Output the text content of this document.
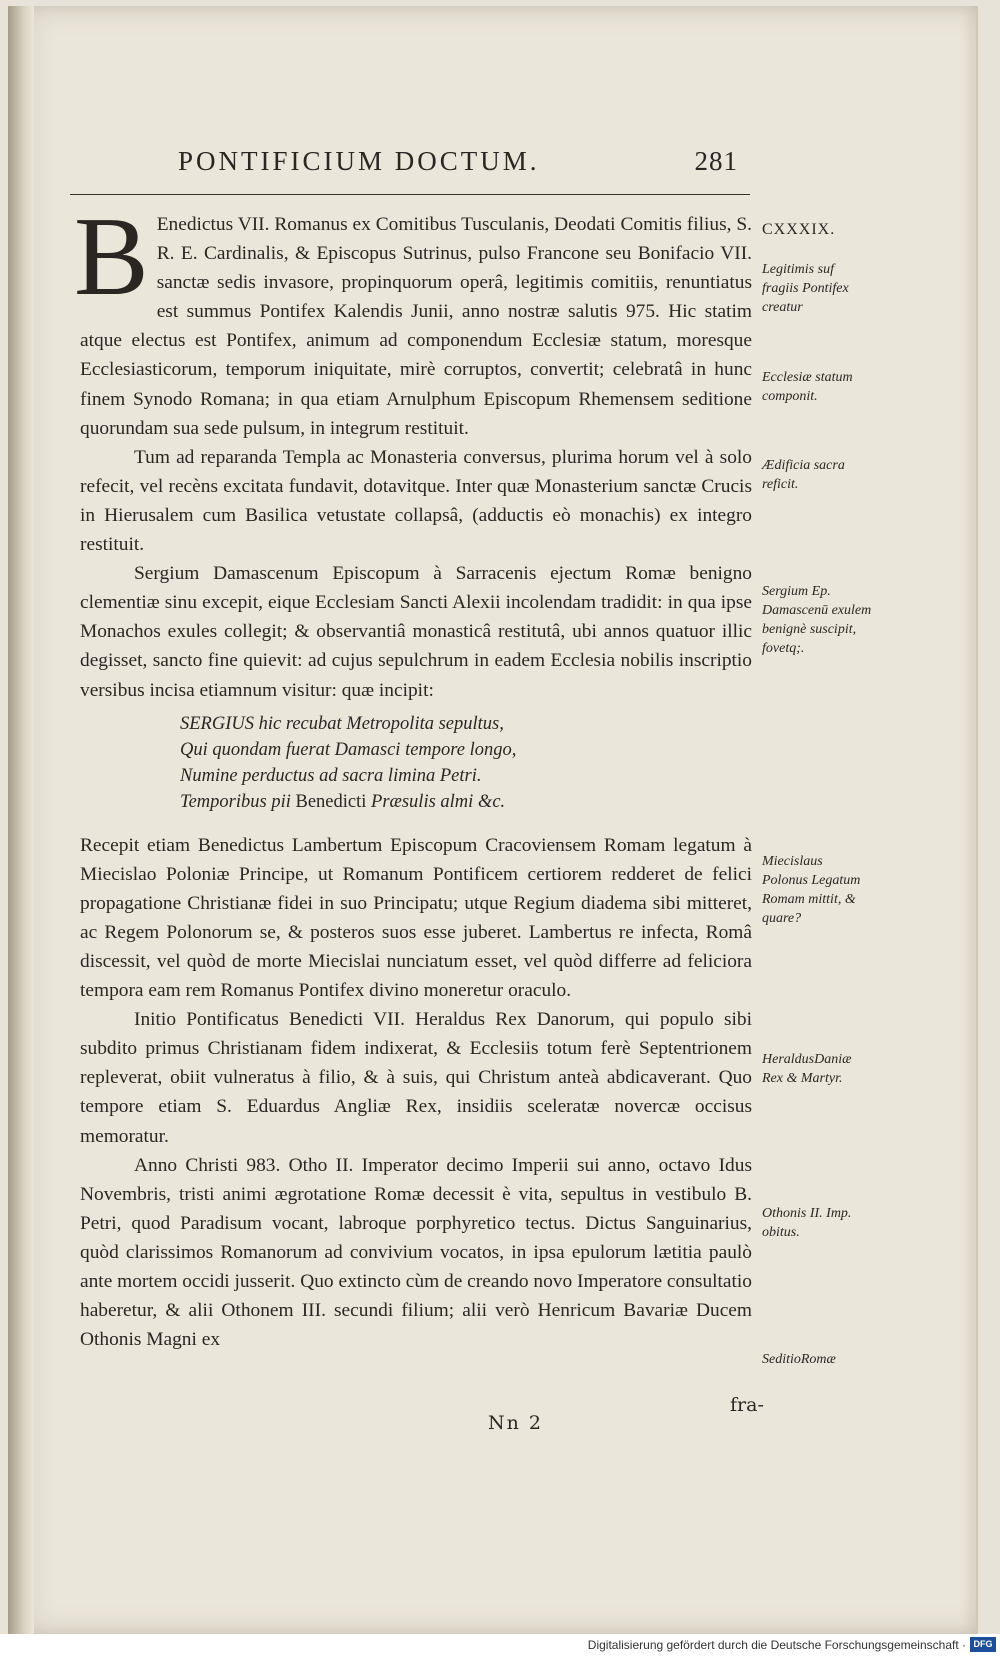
PONTIFICIUM DOCTUM.	281

B Enedictus VII. Romanus ex Comitibus Tusculanis, Deodati Comitis filius, S. R. E. Cardinalis, & Episcopus Sutrinus, pulso Francone seu Bonifacio VII. sanctæ sedis invasore, propinquorum operâ, legitimis comitiis, renuntiatus est summus Pontifex Kalendis Junii, anno nostræ salutis 975. Hic statim atque electus est Pontifex, animum ad componendum Ecclesiæ statum, moresque Ecclesiasticorum, temporum iniquitate, mirè corruptos, convertit; celebratâ in hunc finem Synodo Romana; in qua etiam Arnulphum Episcopum Rhemensem seditione quorundam sua sede pulsum, in integrum restituit.

Tum ad reparanda Templa ac Monasteria conversus, plurima horum vel à solo refecit, vel recèns excitata fundavit, dotavitque. Inter quæ Monasterium sanctæ Crucis in Hierusalem cum Basilica vetustate collapsâ, (adductis eò monachis) ex integro restituit.

Sergium Damascenum Episcopum à Sarracenis ejectum Romæ benigno clementiæ sinu excepit, eique Ecclesiam Sancti Alexii incolendam tradidit: in qua ipse Monachos exules collegit; & observantiâ monasticâ restitutâ, ubi annos quatuor illic degisset, sancto fine quievit: ad cujus sepulchrum in eadem Ecclesia nobilis inscriptio versibus incisa etiamnum visitur: quæ incipit:

SERGIUS hic recubat Metropolita sepultus,
Qui quondam fuerat Damasci tempore longo,
Numine perductus ad sacra limina Petri.
Temporibus pii Benedicti Præsulis almi &c.

Recepit etiam Benedictus Lambertum Episcopum Cracoviensem Romam legatum à Miecislao Poloniæ Principe, ut Romanum Pontificem certiorem redderet de felici propagatione Christianæ fidei in suo Principatu; utque Regium diadema sibi mitteret, ac Regem Polonorum se, & posteros suos esse juberet. Lambertus re infecta, Româ discessit, vel quòd de morte Miecislai nunciatum esset, vel quòd differre ad feliciora tempora eam rem Romanus Pontifex divino moneretur oraculo.

Initio Pontificatus Benedicti VII. Heraldus Rex Danorum, qui populo sibi subdito primus Christianam fidem indixerat, & Ecclesiis totum ferè Septentrionem repleverat, obiit vulneratus à filio, & à suis, qui Christum anteà abdicaverant. Quo tempore etiam S. Eduardus Angliæ Rex, insidiis sceleratæ novercæ occisus memoratur.

Anno Christi 983. Otho II. Imperator decimo Imperii sui anno, octavo Idus Novembris, tristi animi ægrotatione Romæ decessit è vita, sepultus in vestibulo B. Petri, quod Paradisum vocant, labroque porphyretico tectus. Dictus Sanguinarius, quòd clarissimos Romanorum ad convivium vocatos, in ipsa epulorum lætitia paulò ante mortem occidi jusserit. Quo extincto cùm de creando novo Imperatore consultatio haberetur, & alii Othonem III. secundi filium; alii verò Henricum Bavariæ Ducem Othonis Magni ex

CXXXIX.
Legitimis suf fragiis Pontifex creatur
Ecclesiæ statum componit.
Ædificia sacra reficit.
Sergium Ep. Damascenū exulem benignè suscipit, fovetq;.
Miecislaus Polonus Legatum Romam mittit, & quare?
HeraldusDaniæ Rex & Martyr.
Othonis II. Imp. obitus.
SeditioRomæ
fra-
Nn 2
Digitalisierung gefördert durch die Deutsche Forschungsgemeinschaft · DFG
